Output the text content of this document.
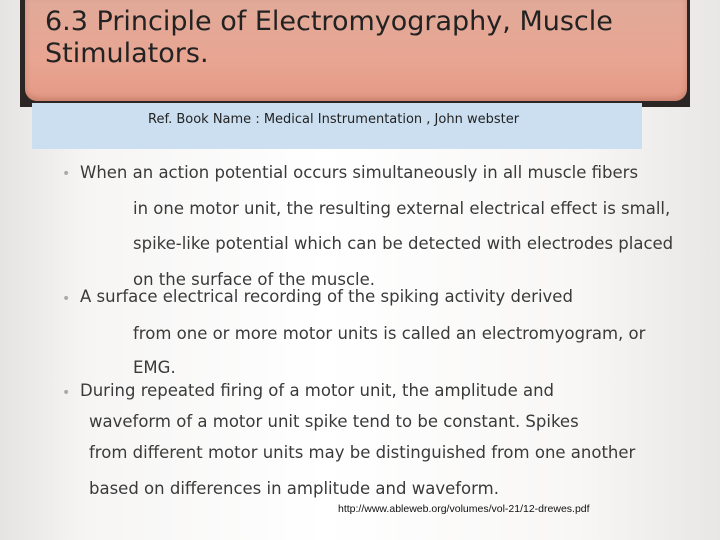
6.3 Principle of Electromyography, Muscle
Stimulators.
Ref. Book Name : Medical Instrumentation , John webster
• When an action potential occurs simultaneously in all muscle fibers
in one motor unit, the resulting external electrical effect is small,
spike-like potential which can be detected with electrodes placed
on the surface of the muscle.
• A surface electrical recording of the spiking activity derived
from one or more motor units is called an electromyogram, or
EMG.
• During repeated firing of a motor unit, the amplitude and
waveform of a motor unit spike tend to be constant. Spikes
from different motor units may be distinguished from one another
based on differences in amplitude and waveform.
http://www.ableweb.org/volumes/vol-21/12-drewes.pdf
